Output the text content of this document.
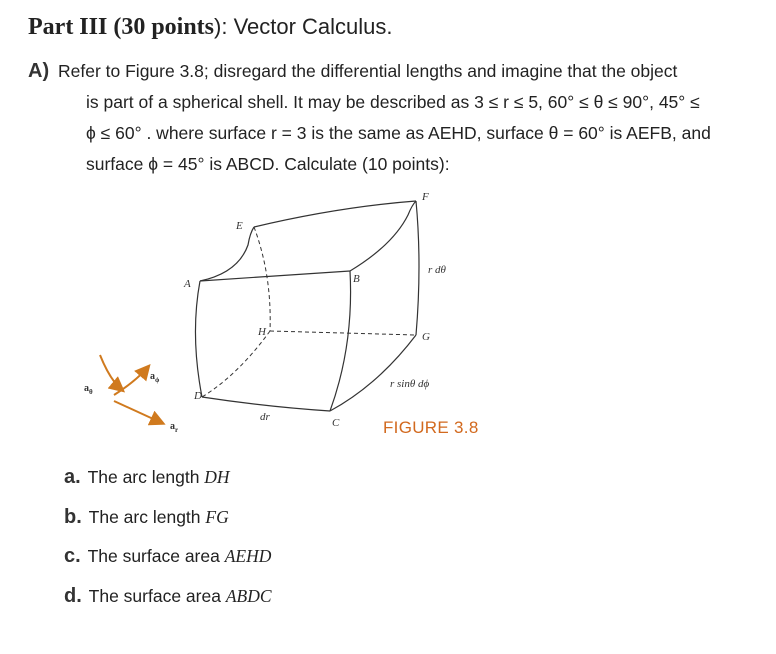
Part III (30 points): Vector Calculus.
A) Refer to Figure 3.8; disregard the differential lengths and imagine that the object
is part of a spherical shell. It may be described as 3 ≤ r ≤ 5, 60° ≤ θ ≤ 90°, 45° ≤
ϕ ≤ 60° . where surface r = 3 is the same as AEHD, surface θ = 60° is AEFB, and
surface ϕ = 45° is ABCD. Calculate (10 points):
E
F
A	B
H	G
D
C
r dθ
r sinθ dϕ
dr
$a_\phi$
$a_\theta$
$a_r$	FIGURE 3.8
a. The arc length DH
b. The arc length FG
c. The surface area AEHD
d. The surface area ABDC
